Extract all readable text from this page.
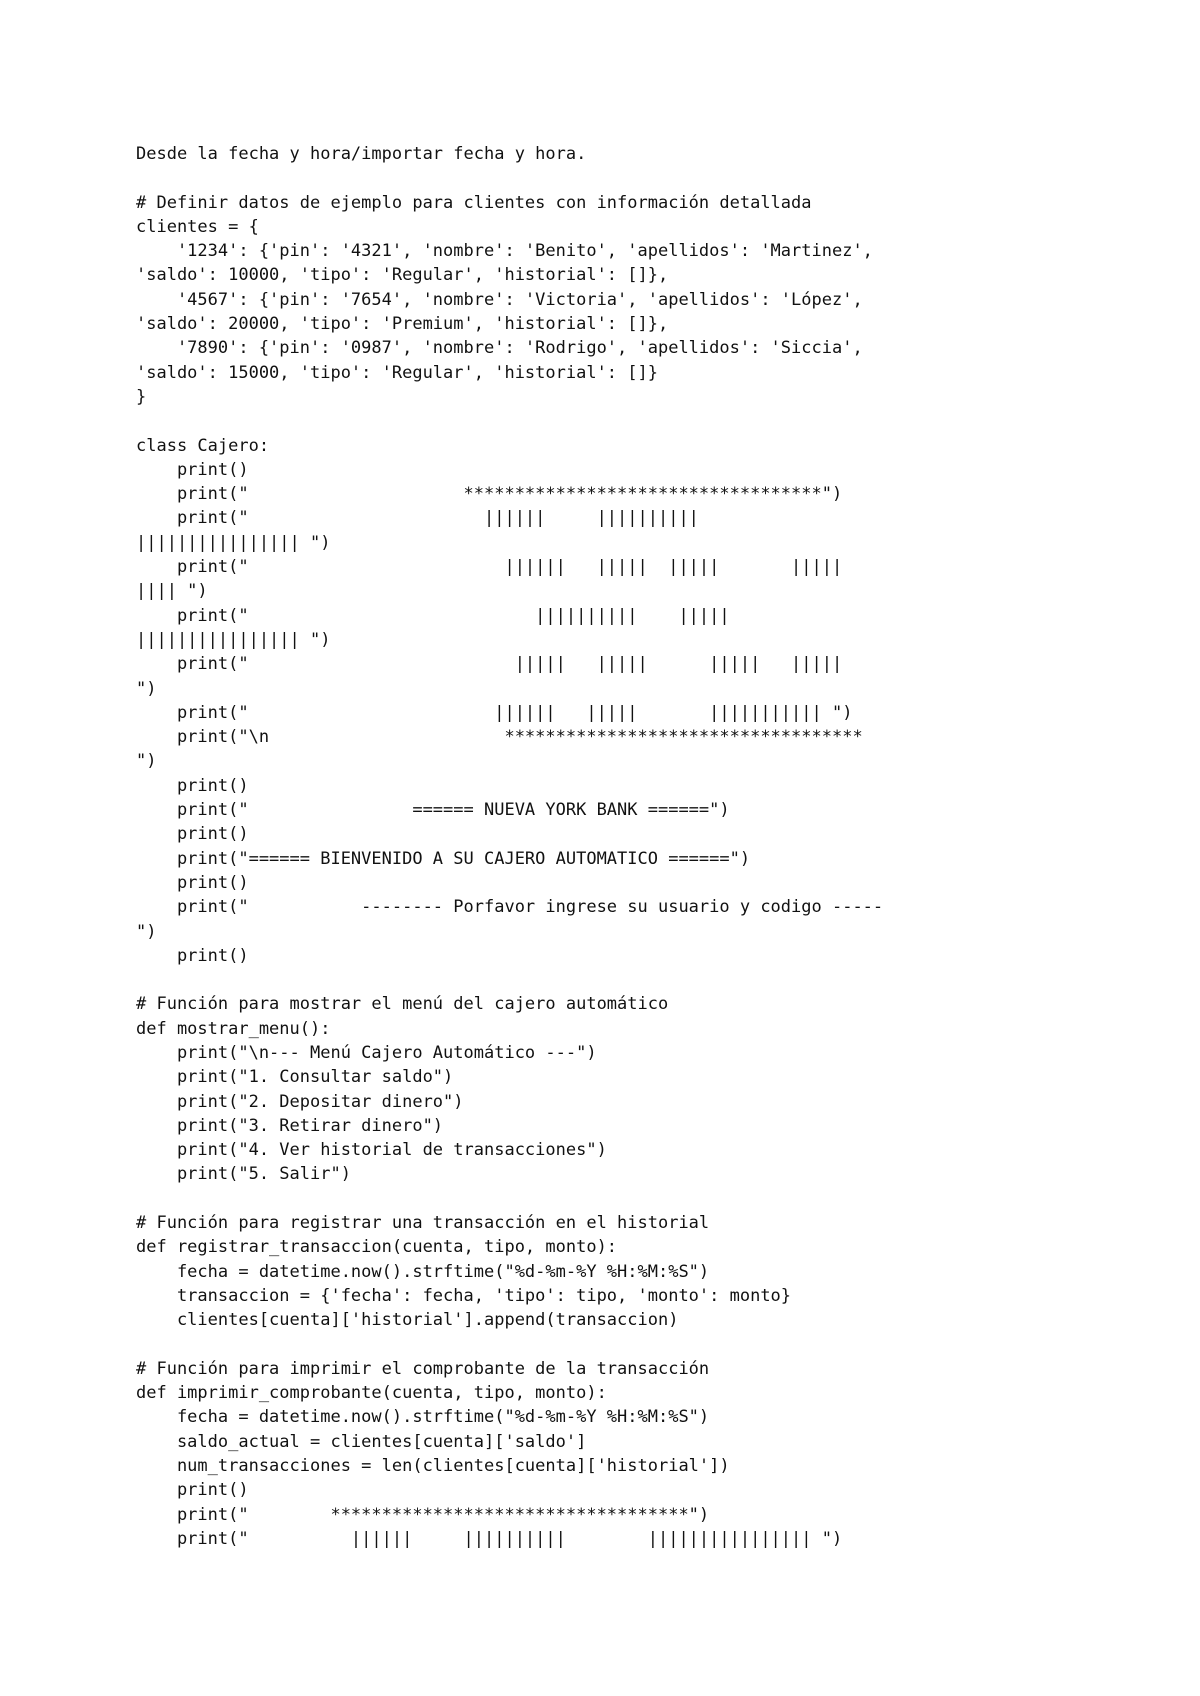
Desde la fecha y hora/importar fecha y hora.
# Definir datos de ejemplo para clientes con información detallada
clientes = {
'1234': {'pin': '4321', 'nombre': 'Benito', 'apellidos': 'Martinez',
'saldo': 10000, 'tipo': 'Regular', 'historial': []},
'4567': {'pin': '7654', 'nombre': 'Victoria', 'apellidos': 'López',
'saldo': 20000, 'tipo': 'Premium', 'historial': []},
'7890': {'pin': '0987', 'nombre': 'Rodrigo', 'apellidos': 'Siccia',
'saldo': 15000, 'tipo': 'Regular', 'historial': []}
}
class Cajero:
print()
print("                     ***********************************")
print("                       ||||||     ||||||||||
|||||||||||||||| ")
print("                         ||||||   |||||  |||||       |||||
|||| ")
print("                            ||||||||||    |||||
|||||||||||||||| ")
print("                          |||||   |||||      |||||   |||||
")
print("                        ||||||   |||||       ||||||||||| ")
print("\n                       ***********************************
")
print()
print("                ====== NUEVA YORK BANK ======")
print()
print("====== BIENVENIDO A SU CAJERO AUTOMATICO ======")
print()
print("           -------- Porfavor ingrese su usuario y codigo -----
")
print()
# Función para mostrar el menú del cajero automático
def mostrar_menu():
print("\n--- Menú Cajero Automático ---")
print("1. Consultar saldo")
print("2. Depositar dinero")
print("3. Retirar dinero")
print("4. Ver historial de transacciones")
print("5. Salir")
# Función para registrar una transacción en el historial
def registrar_transaccion(cuenta, tipo, monto):
fecha = datetime.now().strftime("%d-%m-%Y %H:%M:%S")
transaccion = {'fecha': fecha, 'tipo': tipo, 'monto': monto}
clientes[cuenta]['historial'].append(transaccion)
# Función para imprimir el comprobante de la transacción
def imprimir_comprobante(cuenta, tipo, monto):
fecha = datetime.now().strftime("%d-%m-%Y %H:%M:%S")
saldo_actual = clientes[cuenta]['saldo']
num_transacciones = len(clientes[cuenta]['historial'])
print()
print("        ***********************************")
print("          ||||||     ||||||||||        |||||||||||||||| ")
